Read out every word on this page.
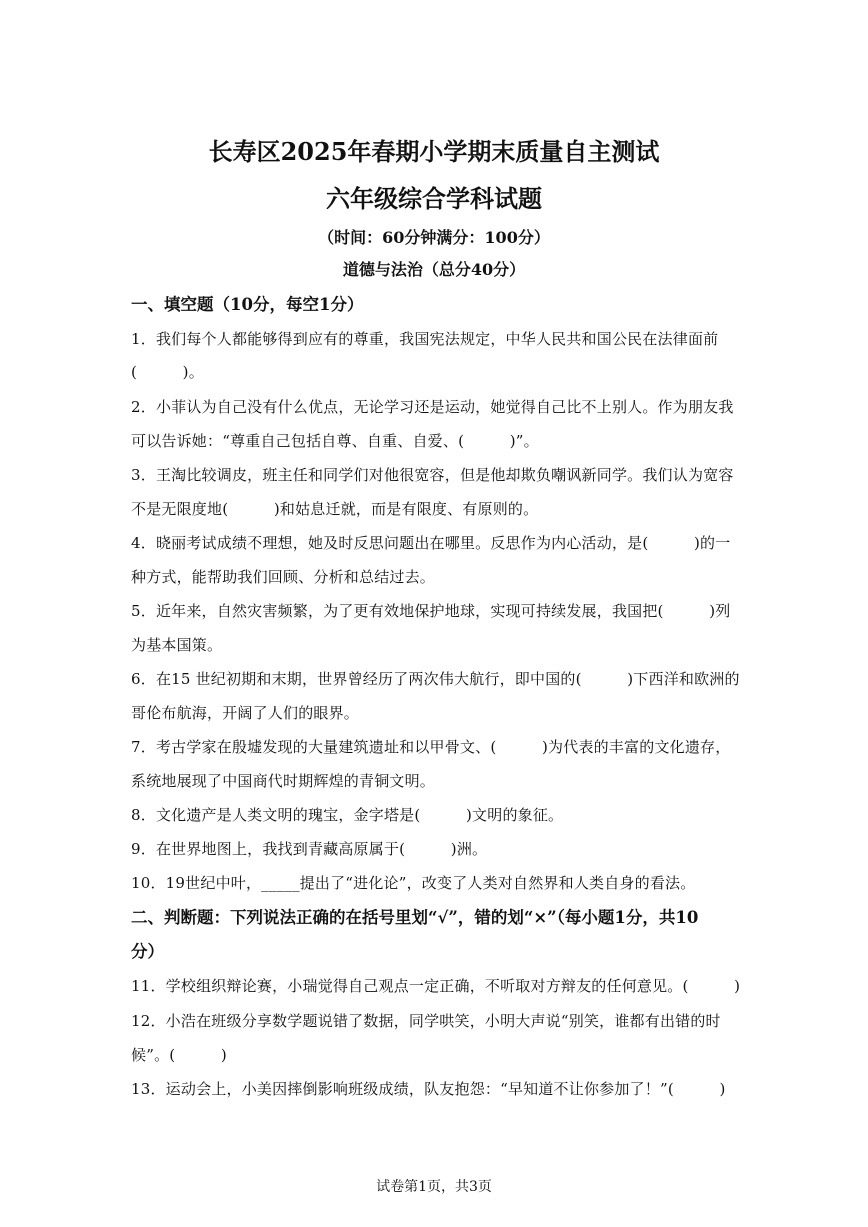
长寿区2025年春期小学期末质量自主测试
六年级综合学科试题
（时间：60分钟满分：100分）
道德与法治（总分40分）
一、填空题（10分，每空1分）
1．我们每个人都能够得到应有的尊重，我国宪法规定，中华人民共和国公民在法律面前
(　　　)。
2．小菲认为自己没有什么优点，无论学习还是运动，她觉得自己比不上别人。作为朋友我
可以告诉她：“尊重自己包括自尊、自重、自爱、(　　　)”。
3．王淘比较调皮，班主任和同学们对他很宽容，但是他却欺负嘲讽新同学。我们认为宽容
不是无限度地(　　　)和姑息迁就，而是有限度、有原则的。
4．晓丽考试成绩不理想，她及时反思问题出在哪里。反思作为内心活动，是(　　　)的一
种方式，能帮助我们回顾、分析和总结过去。
5．近年来，自然灾害频繁，为了更有效地保护地球，实现可持续发展，我国把(　　　)列
为基本国策。
6．在15 世纪初期和末期，世界曾经历了两次伟大航行，即中国的(　　　)下西洋和欧洲的
哥伦布航海，开阔了人们的眼界。
7．考古学家在殷墟发现的大量建筑遗址和以甲骨文、(　　　)为代表的丰富的文化遗存，
系统地展现了中国商代时期辉煌的青铜文明。
8．文化遗产是人类文明的瑰宝，金字塔是(　　　)文明的象征。
9．在世界地图上，我找到青藏高原属于(　　　)洲。
10．19世纪中叶，_____提出了“进化论”，改变了人类对自然界和人类自身的看法。
二、判断题：下列说法正确的在括号里划“√”，错的划“×”（每小题1分，共10
分）
11．学校组织辩论赛，小瑞觉得自己观点一定正确，不听取对方辩友的任何意见。(　　　)
12．小浩在班级分享数学题说错了数据，同学哄笑，小明大声说“别笑，谁都有出错的时
候”。(　　　)
13．运动会上，小美因摔倒影响班级成绩，队友抱怨：“早知道不让你参加了！”(　　　)
试卷第1页，共3页
